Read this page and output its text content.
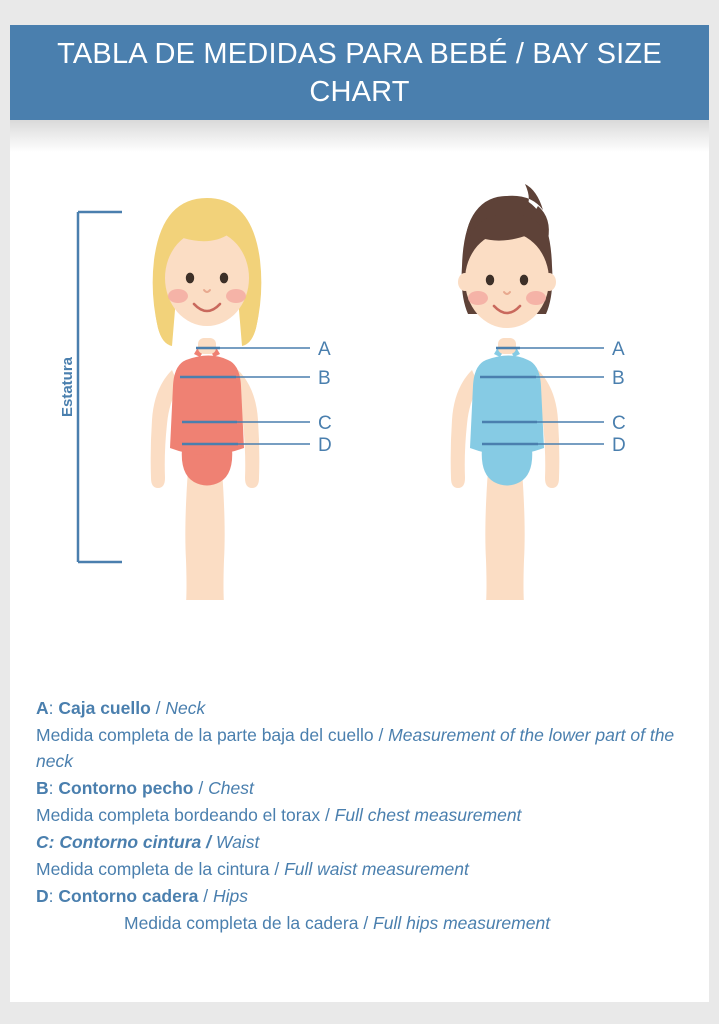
TABLA DE MEDIDAS PARA BEBÉ / BAY SIZE CHART
Estatura
A
B
C
D
A
B
C
D
A: Caja cuello / Neck
Medida completa de la parte baja del cuello / Measurement of the lower part of the neck
B: Contorno pecho / Chest
Medida completa bordeando el torax / Full chest measurement
C: Contorno cintura / Waist
Medida completa de la cintura / Full waist measurement
D: Contorno cadera / Hips
Medida completa de la cadera / Full hips measurement
